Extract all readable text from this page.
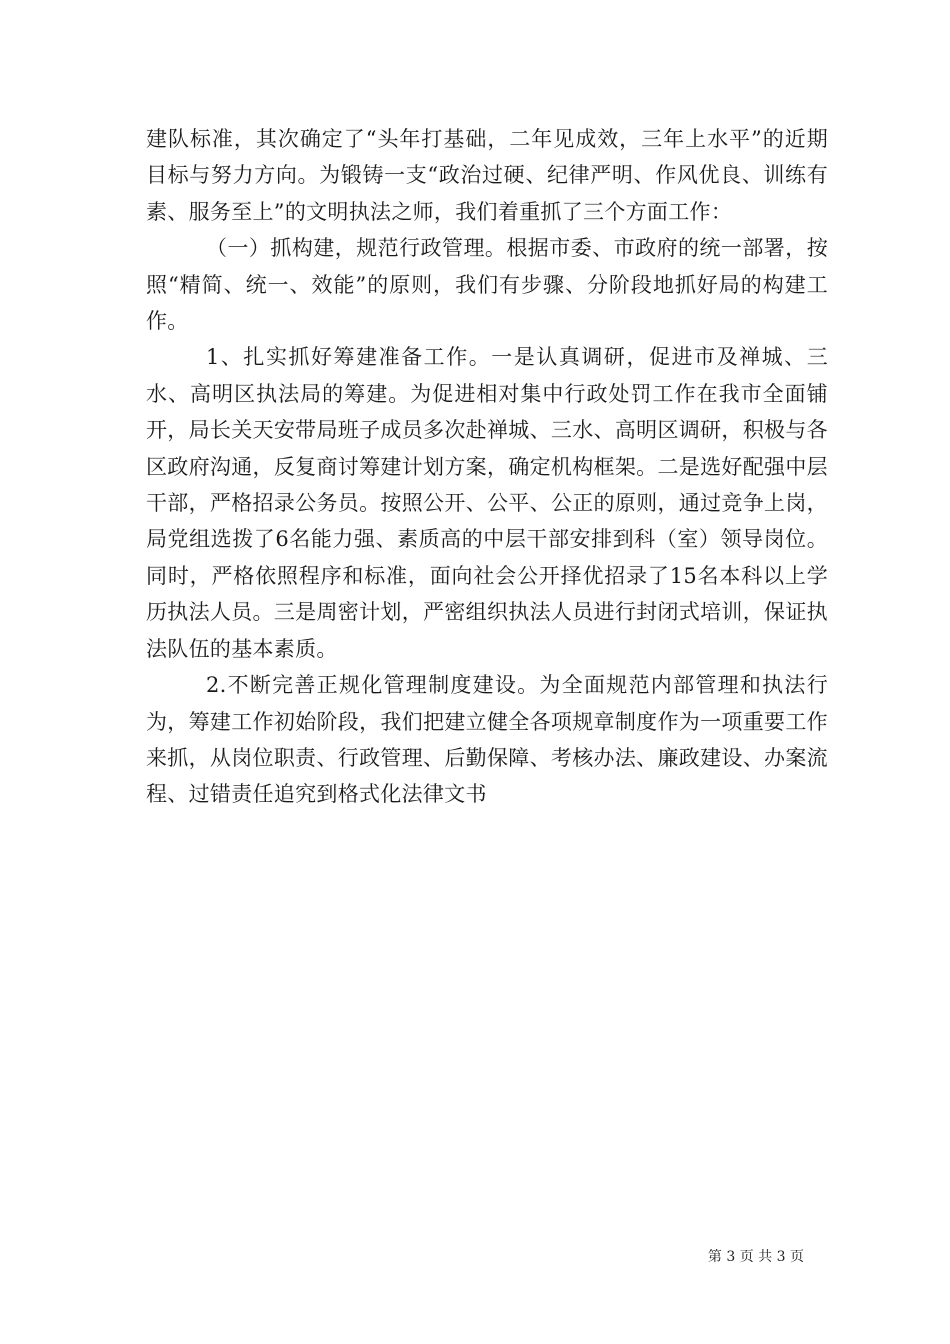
建队标准，其次确定了“头年打基础，二年见成效，三年上水平”的近期目标与努力方向。为锻铸一支“政治过硬、纪律严明、作风优良、训练有素、服务至上”的文明执法之师，我们着重抓了三个方面工作：

（一）抓构建，规范行政管理。根据市委、市政府的统一部署，按照“精简、统一、效能”的原则，我们有步骤、分阶段地抓好局的构建工作。

1、扎实抓好筹建准备工作。一是认真调研，促进市及禅城、三水、高明区执法局的筹建。为促进相对集中行政处罚工作在我市全面铺开，局长关天安带局班子成员多次赴禅城、三水、高明区调研，积极与各区政府沟通，反复商讨筹建计划方案，确定机构框架。二是选好配强中层干部，严格招录公务员。按照公开、公平、公正的原则，通过竞争上岗，局党组选拨了6名能力强、素质高的中层干部安排到科（室）领导岗位。同时，严格依照程序和标准，面向社会公开择优招录了15名本科以上学历执法人员。三是周密计划，严密组织执法人员进行封闭式培训，保证执法队伍的基本素质。

2.不断完善正规化管理制度建设。为全面规范内部管理和执法行为，筹建工作初始阶段，我们把建立健全各项规章制度作为一项重要工作来抓，从岗位职责、行政管理、后勤保障、考核办法、廉政建设、办案流程、过错责任追究到格式化法律文书

第 3 页 共 3 页
